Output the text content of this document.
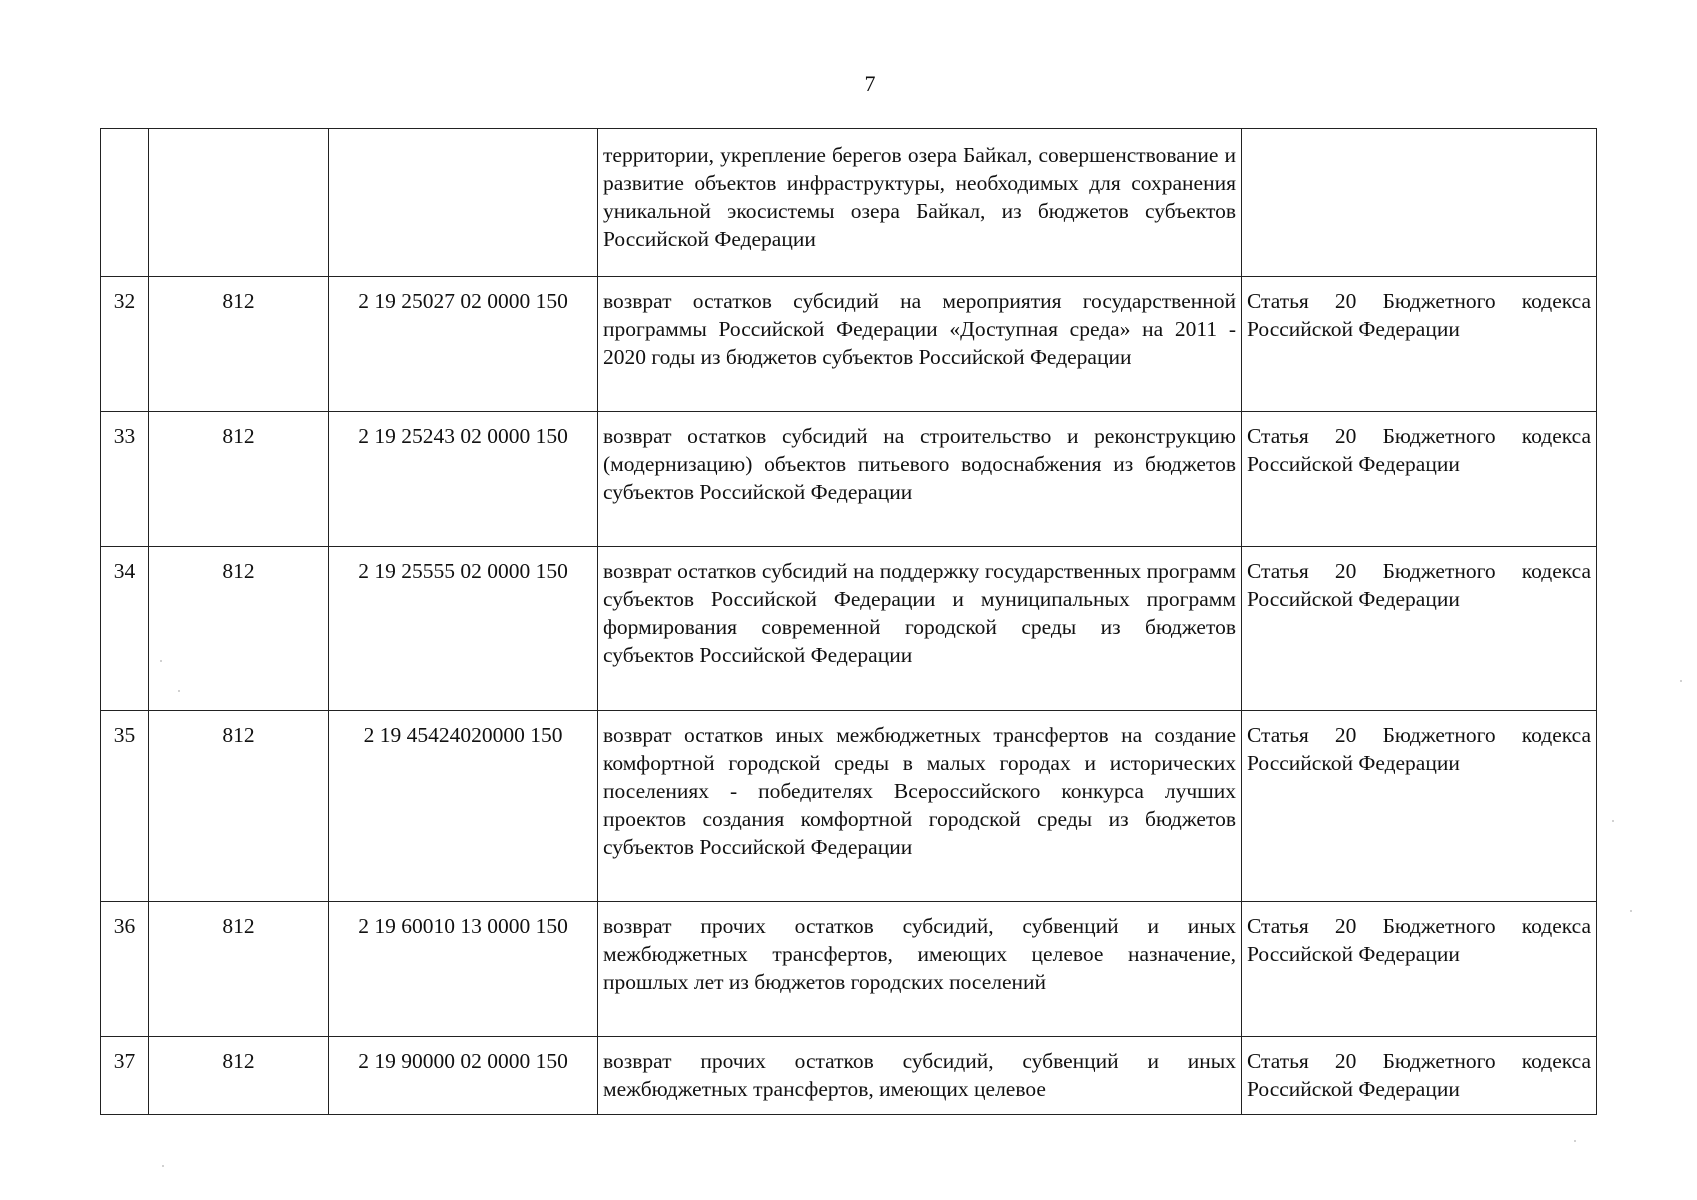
7
			территории, укрепление берегов озера Байкал, совершенствование и развитие объектов инфраструктуры, необходимых для сохранения уникальной экосистемы озера Байкал, из бюджетов субъектов Российской Федерации	
32	812	2 19 25027 02 0000 150	возврат остатков субсидий на мероприятия государственной программы Российской Федерации «Доступная среда» на 2011 - 2020 годы из бюджетов субъектов Российской Федерации	Статья 20 Бюджетного кодекса Российской Федерации
33	812	2 19 25243 02 0000 150	возврат остатков субсидий на строительство и реконструкцию (модернизацию) объектов питьевого водоснабжения из бюджетов субъектов Российской Федерации	Статья 20 Бюджетного кодекса Российской Федерации
34	812	2 19 25555 02 0000 150	возврат остатков субсидий на поддержку государственных программ субъектов Российской Федерации и муниципальных программ формирования современной городской среды из бюджетов субъектов Российской Федерации	Статья 20 Бюджетного кодекса Российской Федерации
35	812	2 19 45424020000 150	возврат остатков иных межбюджетных трансфертов на создание комфортной городской среды в малых городах и исторических поселениях - победителях Всероссийского конкурса лучших проектов создания комфортной городской среды из бюджетов субъектов Российской Федерации	Статья 20 Бюджетного кодекса Российской Федерации
36	812	2 19 60010 13 0000 150	возврат прочих остатков субсидий, субвенций и иных межбюджетных трансфертов, имеющих целевое назначение, прошлых лет из бюджетов городских поселений	Статья 20 Бюджетного кодекса Российской Федерации
37	812	2 19 90000 02 0000 150	возврат прочих остатков субсидий, субвенций и иных межбюджетных трансфертов, имеющих целевое	Статья 20 Бюджетного кодекса Российской Федерации
